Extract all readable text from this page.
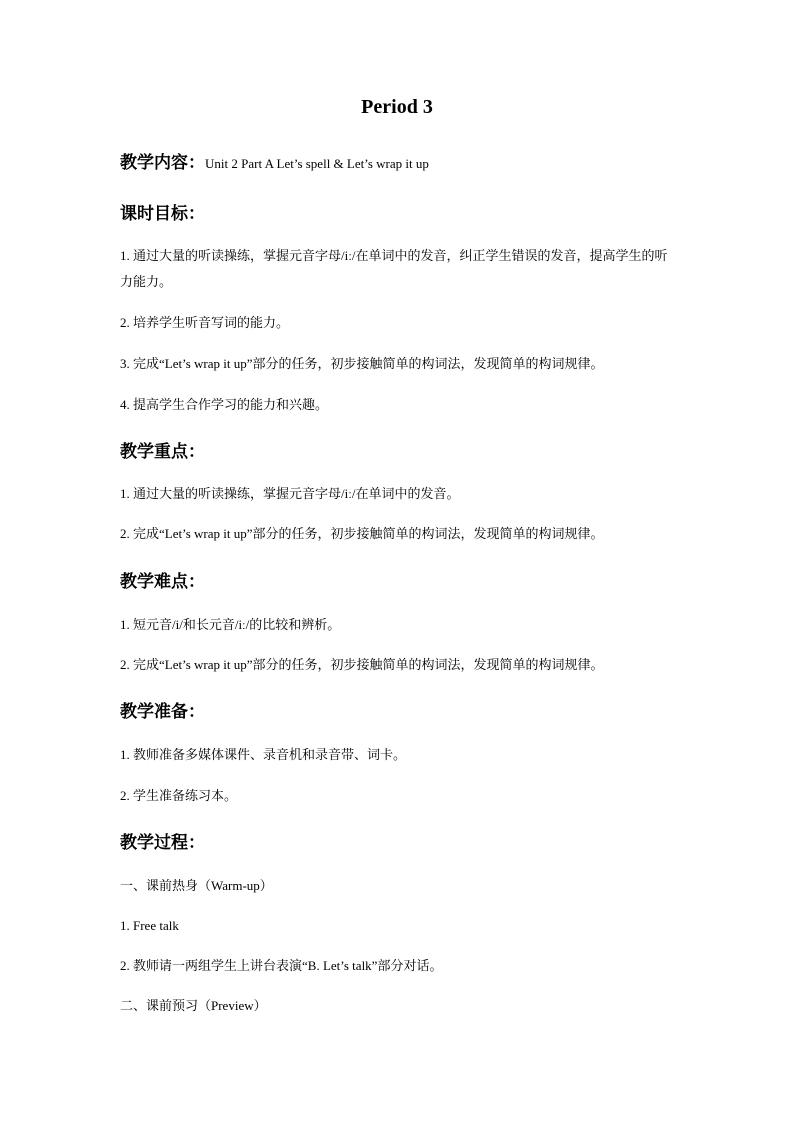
Period 3
教学内容：Unit 2 Part A Let’s spell & Let’s wrap it up
课时目标：
1. 通过大量的听读操练，掌握元音字母/iː/在单词中的发音，纠正学生错误的发音，提高学生的听力能力。
2. 培养学生听音写词的能力。
3. 完成“Let’s wrap it up”部分的任务，初步接触简单的构词法，发现简单的构词规律。
4. 提高学生合作学习的能力和兴趣。
教学重点：
1. 通过大量的听读操练，掌握元音字母/iː/在单词中的发音。
2. 完成“Let’s wrap it up”部分的任务，初步接触简单的构词法，发现简单的构词规律。
教学难点：
1. 短元音/i/和长元音/iː/的比较和辨析。
2. 完成“Let’s wrap it up”部分的任务，初步接触简单的构词法，发现简单的构词规律。
教学准备：
1. 教师准备多媒体课件、录音机和录音带、词卡。
2. 学生准备练习本。
教学过程：
一、课前热身（Warm-up）
1. Free talk
2. 教师请一两组学生上讲台表演“B. Let’s talk”部分对话。
二、课前预习（Preview）
